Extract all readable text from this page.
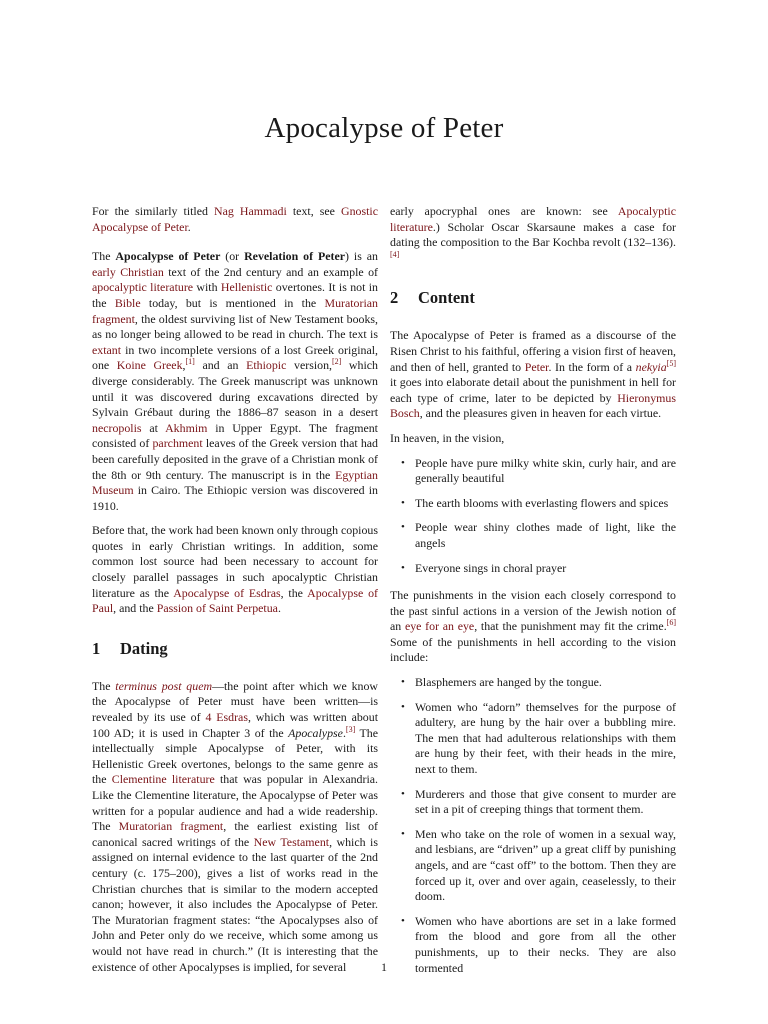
Apocalypse of Peter

For the similarly titled Nag Hammadi text, see Gnostic Apocalypse of Peter.

The Apocalypse of Peter (or Revelation of Peter) is an early Christian text of the 2nd century and an example of apocalyptic literature with Hellenistic overtones. It is not in the Bible today, but is mentioned in the Muratorian fragment, the oldest surviving list of New Testament books, as no longer being allowed to be read in church. The text is extant in two incomplete versions of a lost Greek original, one Koine Greek,[1] and an Ethiopic version,[2] which diverge considerably. The Greek manuscript was unknown until it was discovered during excavations directed by Sylvain Grébaut during the 1886–87 season in a desert necropolis at Akhmim in Upper Egypt. The fragment consisted of parchment leaves of the Greek version that had been carefully deposited in the grave of a Christian monk of the 8th or 9th century. The manuscript is in the Egyptian Museum in Cairo. The Ethiopic version was discovered in 1910.

Before that, the work had been known only through copious quotes in early Christian writings. In addition, some common lost source had been necessary to account for closely parallel passages in such apocalyptic Christian literature as the Apocalypse of Esdras, the Apocalypse of Paul, and the Passion of Saint Perpetua.

1 Dating

The terminus post quem—the point after which we know the Apocalypse of Peter must have been written—is revealed by its use of 4 Esdras, which was written about 100 AD; it is used in Chapter 3 of the Apocalypse.[3] The intellectually simple Apocalypse of Peter, with its Hellenistic Greek overtones, belongs to the same genre as the Clementine literature that was popular in Alexandria. Like the Clementine literature, the Apocalypse of Peter was written for a popular audience and had a wide readership. The Muratorian fragment, the earliest existing list of canonical sacred writings of the New Testament, which is assigned on internal evidence to the last quarter of the 2nd century (c. 175–200), gives a list of works read in the Christian churches that is similar to the modern accepted canon; however, it also includes the Apocalypse of Peter. The Muratorian fragment states: “the Apocalypses also of John and Peter only do we receive, which some among us would not have read in church.” (It is interesting that the existence of other Apocalypses is implied, for several

early apocryphal ones are known: see Apocalyptic literature.) Scholar Oscar Skarsaune makes a case for dating the composition to the Bar Kochba revolt (132–136).[4]

2 Content

The Apocalypse of Peter is framed as a discourse of the Risen Christ to his faithful, offering a vision first of heaven, and then of hell, granted to Peter. In the form of a nekyia[5] it goes into elaborate detail about the punishment in hell for each type of crime, later to be depicted by Hieronymus Bosch, and the pleasures given in heaven for each virtue.

In heaven, in the vision,

• People have pure milky white skin, curly hair, and are generally beautiful
• The earth blooms with everlasting flowers and spices
• People wear shiny clothes made of light, like the angels
• Everyone sings in choral prayer

The punishments in the vision each closely correspond to the past sinful actions in a version of the Jewish notion of an eye for an eye, that the punishment may fit the crime.[6] Some of the punishments in hell according to the vision include:

• Blasphemers are hanged by the tongue.
• Women who “adorn” themselves for the purpose of adultery, are hung by the hair over a bubbling mire. The men that had adulterous relationships with them are hung by their feet, with their heads in the mire, next to them.
• Murderers and those that give consent to murder are set in a pit of creeping things that torment them.
• Men who take on the role of women in a sexual way, and lesbians, are “driven” up a great cliff by punishing angels, and are “cast off” to the bottom. Then they are forced up it, over and over again, ceaselessly, to their doom.
• Women who have abortions are set in a lake formed from the blood and gore from all the other punishments, up to their necks. They are also tormented
1
